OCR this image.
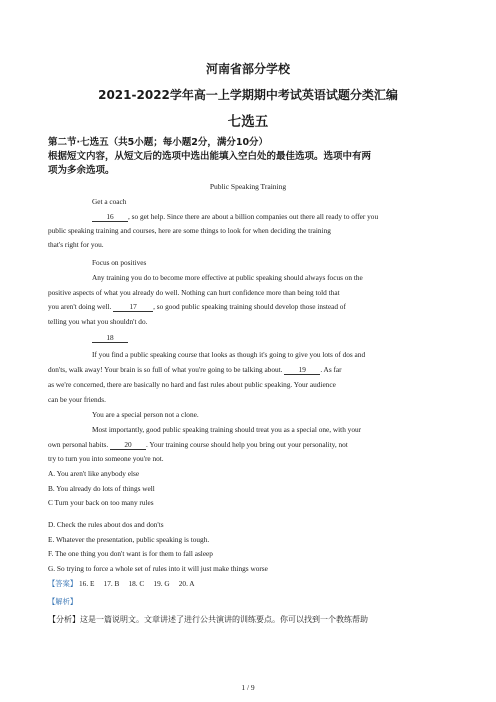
河南省部分学校
2021-2022学年高一上学期期中考试英语试题分类汇编
七选五
第二节·七选五（共5小题；每小题2分，满分10分）
根据短文内容，从短文后的选项中选出能填入空白处的最佳选项。选项中有两
项为多余选项。
Public Speaking Training
Get a coach
16 , so get help. Since there are about a billion companies out there all ready to offer you
public speaking training and courses, here are some things to look for when deciding the training
that's right for you.
Focus on positives
Any training you do to become more effective at public speaking should always focus on the
positive aspects of what you already do well. Nothing can hurt confidence more than being told that
you aren't doing well. 17 , so good public speaking training should develop those instead of
telling you what you shouldn't do.
18
If you find a public speaking course that looks as though it's going to give you lots of dos and
don'ts, walk away! Your brain is so full of what you're going to be talking about. 19 . As far
as we're concerned, there are basically no hard and fast rules about public speaking. Your audience
can be your friends.
You are a special person not a clone.
Most importantly, good public speaking training should treat you as a special one, with your
own personal habits. 20 . Your training course should help you bring out your personality, not
try to turn you into someone you're not.
A. You aren't like anybody else
B. You already do lots of things well
C Turn your back on too many rules
D. Check the rules about dos and don'ts
E. Whatever the presentation, public speaking is tough.
F. The one thing you don't want is for them to fall asleep
G. So trying to force a whole set of rules into it will just make things worse
【答案】 16. E 17. B 18. C 19. G 20. A
【解析】
【分析】这是一篇说明文。文章讲述了进行公共演讲的训练要点。你可以找到一个教练帮助
1 / 9
